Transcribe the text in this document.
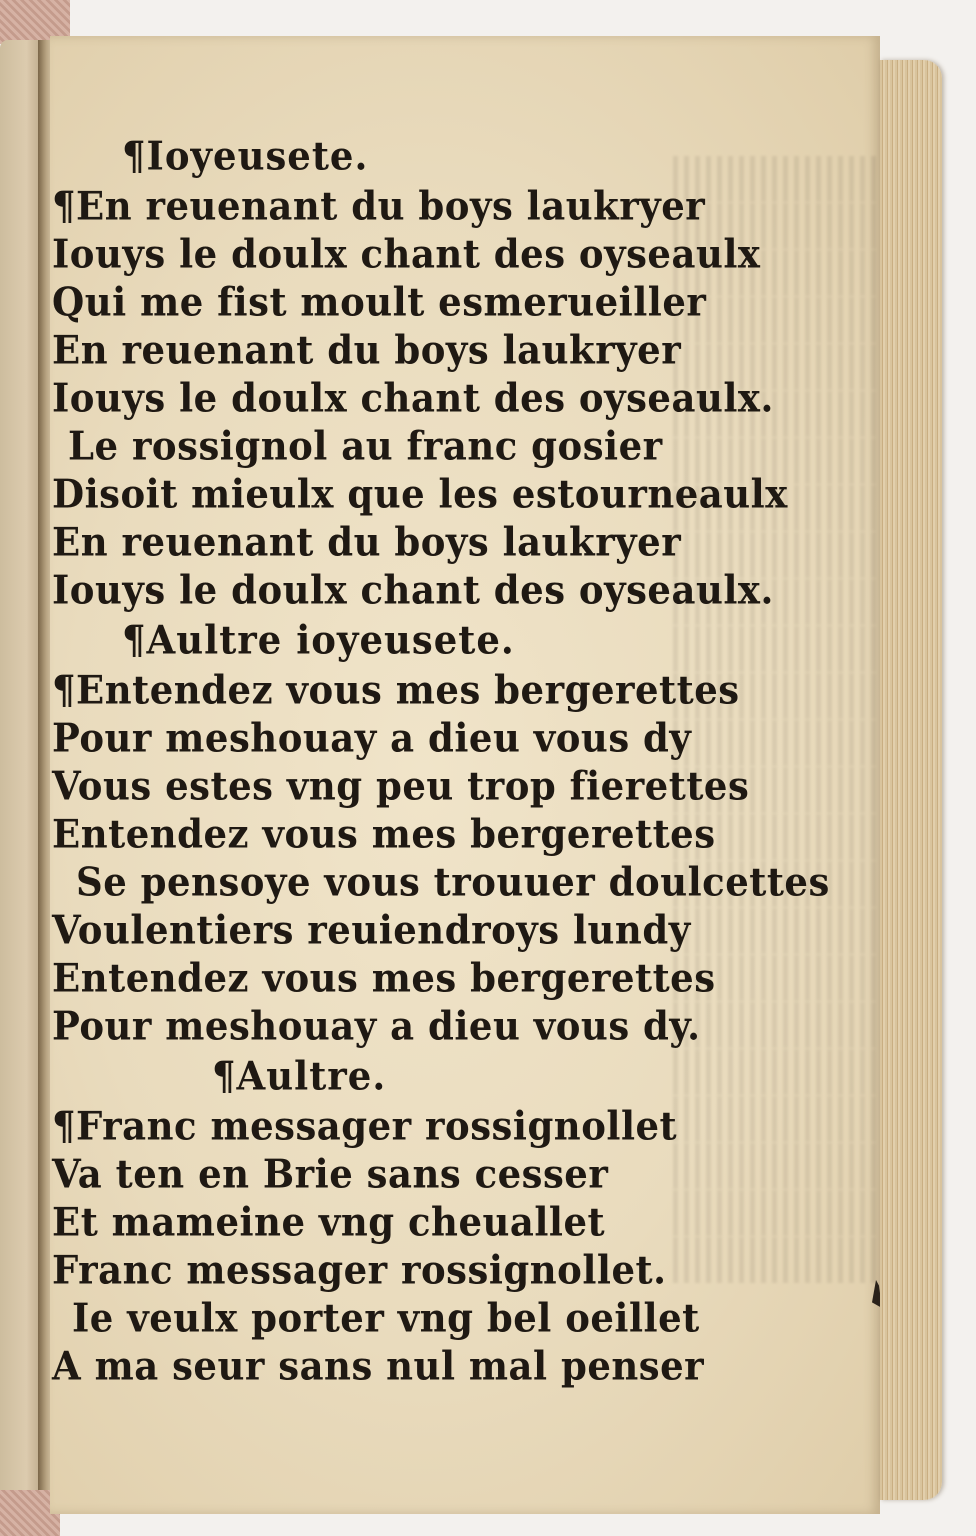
¶Ioyeusete.
¶En reuenant du boys laukryer
Iouys le doulx chant des oyseaulx
Qui me fist moult esmerueiller
En reuenant du boys laukryer
Iouys le doulx chant des oyseaulx.
Le rossignol au franc gosier
Disoit mieulx que les estourneaulx
En reuenant du boys laukryer
Iouys le doulx chant des oyseaulx.
¶Aultre ioyeusete.
¶Entendez vous mes bergerettes
Pour meshouay a dieu vous dy
Vous estes vng peu trop fierettes
Entendez vous mes bergerettes
Se pensoye vous trouuer doulcettes
Voulentiers reuiendroys lundy
Entendez vous mes bergerettes
Pour meshouay a dieu vous dy.
¶Aultre.
¶Franc messager rossignollet
Va ten en Brie sans cesser
Et mameine vng cheuallet
Franc messager rossignollet.
Ie veulx porter vng bel oeillet
A ma seur sans nul mal penser
